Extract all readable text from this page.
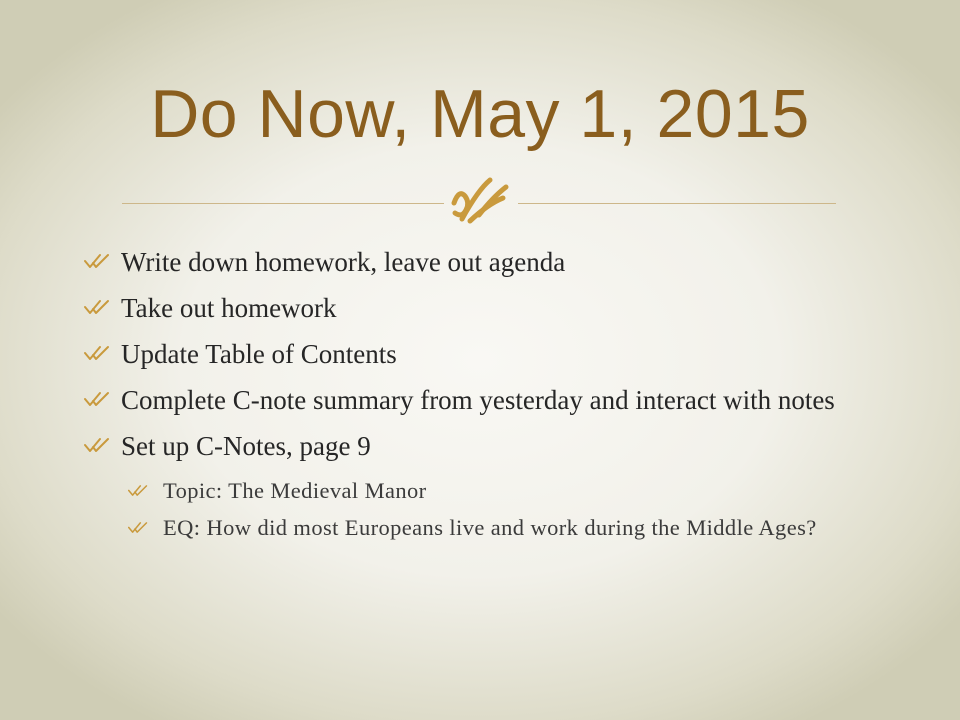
Do Now, May 1, 2015
Write down homework, leave out agenda
Take out homework
Update Table of Contents
Complete C-note summary from yesterday and interact with notes
Set up C-Notes, page 9
Topic: The Medieval Manor
EQ: How did most Europeans live and work during the Middle Ages?
